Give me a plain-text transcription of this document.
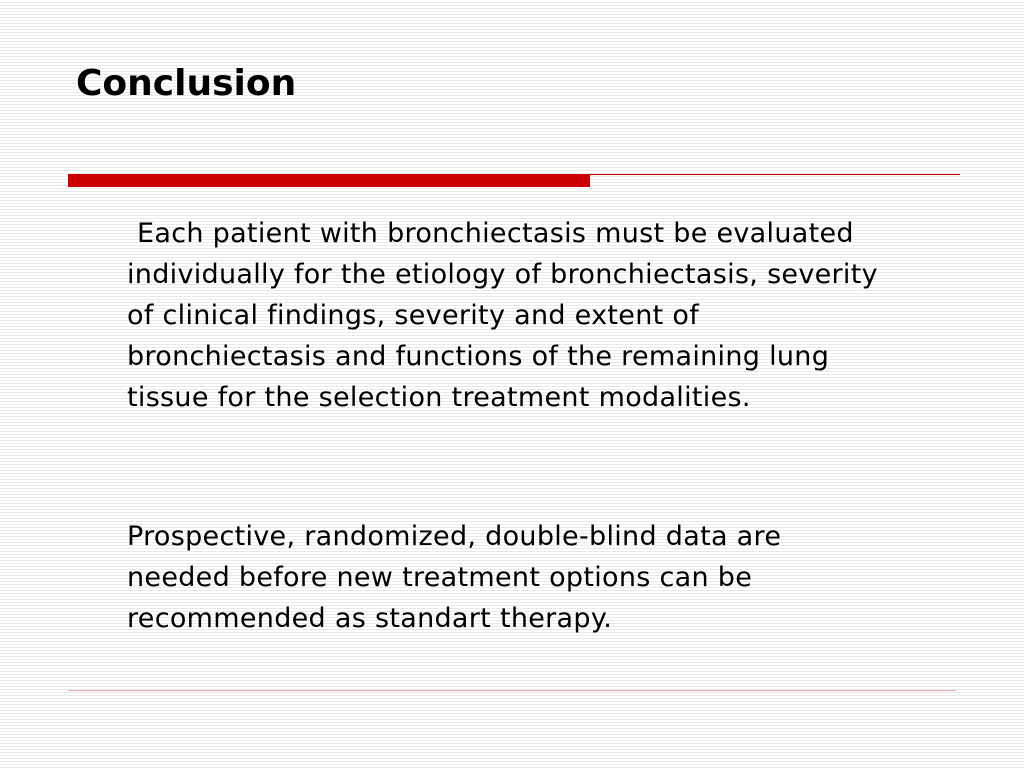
Conclusion

Each patient with bronchiectasis must be evaluated individually for the etiology of bronchiectasis, severity of clinical findings, severity and extent of bronchiectasis and functions of the remaining lung tissue for the selection treatment modalities.

Prospective, randomized, double-blind data are needed before new treatment options can be recommended as standart therapy.
